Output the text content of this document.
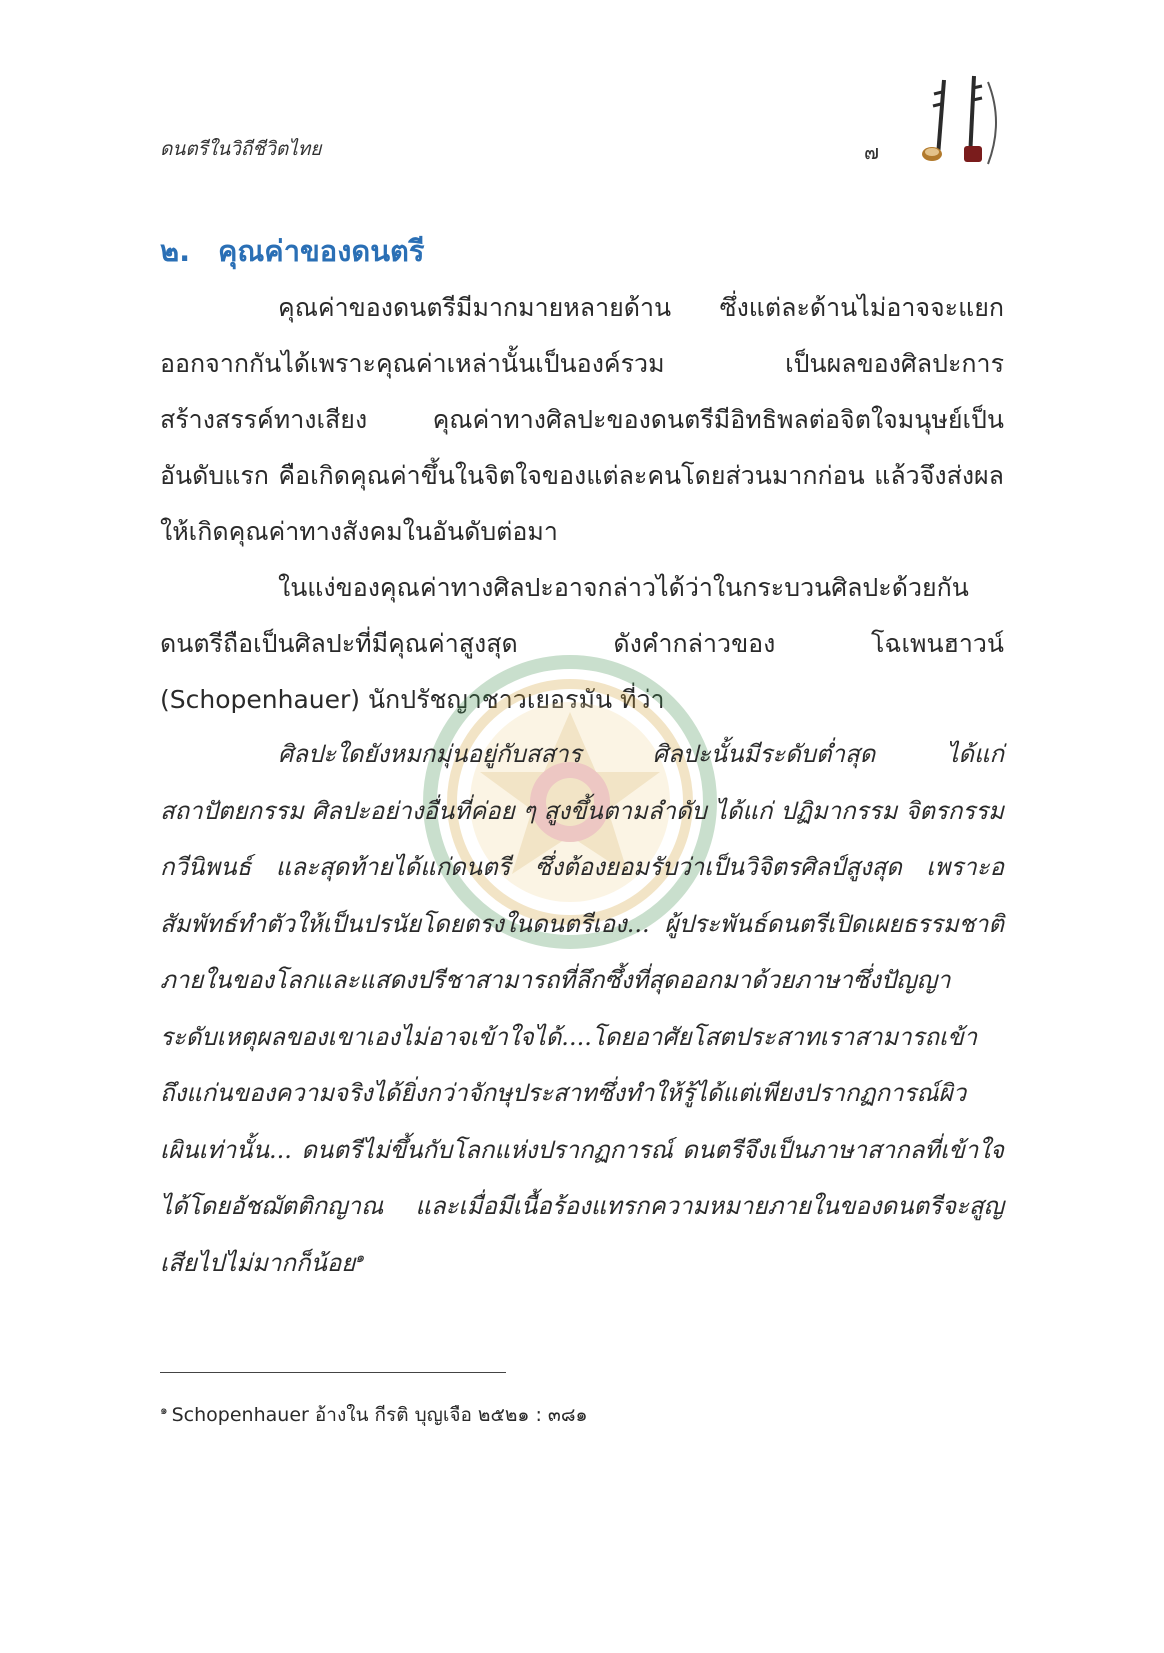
ดนตรีในวิถีชีวิตไทย	๗
๒. คุณค่าของดนตรี

คุณค่าของดนตรีมีมากมายหลายด้าน ซึ่งแต่ละด้านไม่อาจจะแยกออกจากกันได้เพราะคุณค่าเหล่านั้นเป็นองค์รวม เป็นผลของศิลปะการสร้างสรรค์ทางเสียง คุณค่าทางศิลปะของดนตรีมีอิทธิพลต่อจิตใจมนุษย์เป็นอันดับแรก คือเกิดคุณค่าขึ้นในจิตใจของแต่ละคนโดยส่วนมากก่อน แล้วจึงส่งผลให้เกิดคุณค่าทางสังคมในอันดับต่อมา

ในแง่ของคุณค่าทางศิลปะอาจกล่าวได้ว่าในกระบวนศิลปะด้วยกัน ดนตรีถือเป็นศิลปะที่มีคุณค่าสูงสุด ดังคำกล่าวของ โฉเพนฮาวน์ (Schopenhauer) นักปรัชญาชาวเยอรมัน ที่ว่า

ศิลปะใดยังหมกมุ่นอยู่กับสสาร ศิลปะนั้นมีระดับต่ำสุด ได้แก่ สถาปัตยกรรม ศิลปะอย่างอื่นที่ค่อย ๆ สูงขึ้นตามลำดับ ได้แก่ ปฏิมากรรม จิตรกรรม กวีนิพนธ์ และสุดท้ายได้แก่ดนตรี ซึ่งต้องยอมรับว่าเป็นวิจิตรศิลป์สูงสุด เพราะอสัมพัทธ์ทำตัวให้เป็นปรนัยโดยตรงในดนตรีเอง... ผู้ประพันธ์ดนตรีเปิดเผยธรรมชาติภายในของโลกและแสดงปรีชาสามารถที่ลึกซึ้งที่สุดออกมาด้วยภาษาซึ่งปัญญาระดับเหตุผลของเขาเองไม่อาจเข้าใจได้....โดยอาศัยโสตประสาทเราสามารถเข้าถึงแก่นของความจริงได้ยิ่งกว่าจักษุประสาทซึ่งทำให้รู้ได้แต่เพียงปรากฏการณ์ผิวเผินเท่านั้น... ดนตรีไม่ขึ้นกับโลกแห่งปรากฏการณ์ ดนตรีจึงเป็นภาษาสากลที่เข้าใจได้โดยอัชฌัตติกญาณ และเมื่อมีเนื้อร้องแทรกความหมายภายในของดนตรีจะสูญเสียไปไม่มากก็น้อย$^๑$

$^๑$ Schopenhauer อ้างใน กีรติ บุญเจือ ๒๕๒๑ : ๓๘๑
